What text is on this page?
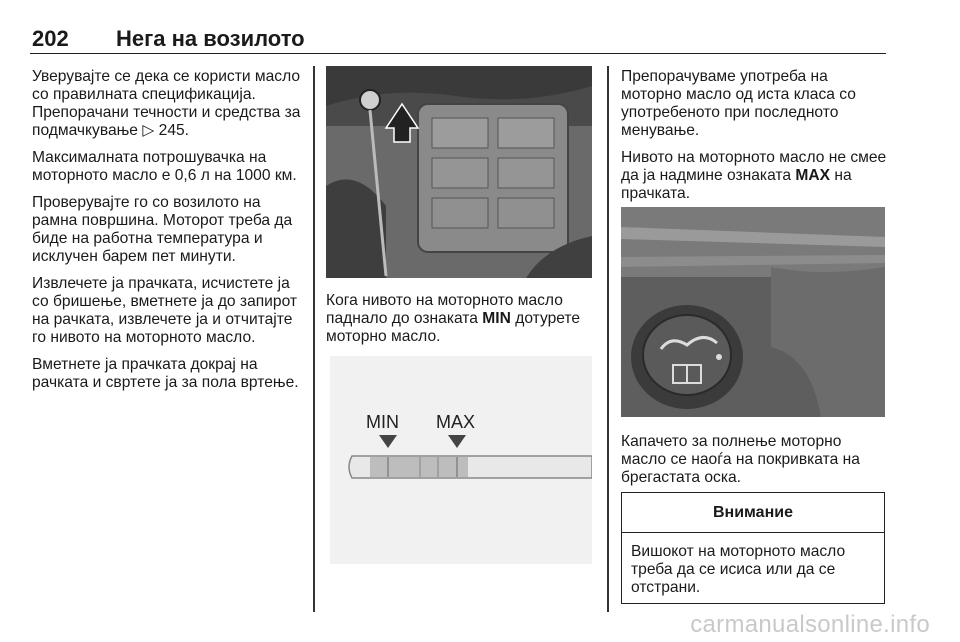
202 Нега на возилото

Уверувајте се дека се користи масло со правилната спецификација. Препорачани течности и средства за подмачкување ▷ 245.

Максималната потрошувачка на моторното масло е 0,6 л на 1000 км.

Проверувајте го со возилото на рамна површина. Моторот треба да биде на работна температура и исклучен барем пет минути.

Извлечете ја прачката, исчистете ја со бришење, вметнете ја до запирот на рачката, извлечете ја и отчитајте го нивото на моторното масло.

Вметнете ја прачката докрај на рачката и свртете ја за пола вртење.

Кога нивото на моторното масло паднало до ознаката MIN дотурете моторно масло.

MIN MAX

Препорачуваме употреба на моторно масло од иста класа со употребеното при последното менување.

Нивото на моторното масло не смее да ја надмине ознаката MAX на прачката.

Капачето за полнење моторно масло се наоѓа на покривката на брегастата оска.

Внимание
Вишокот на моторното масло треба да се исиса или да се отстрани.
carmanualsonline.info
